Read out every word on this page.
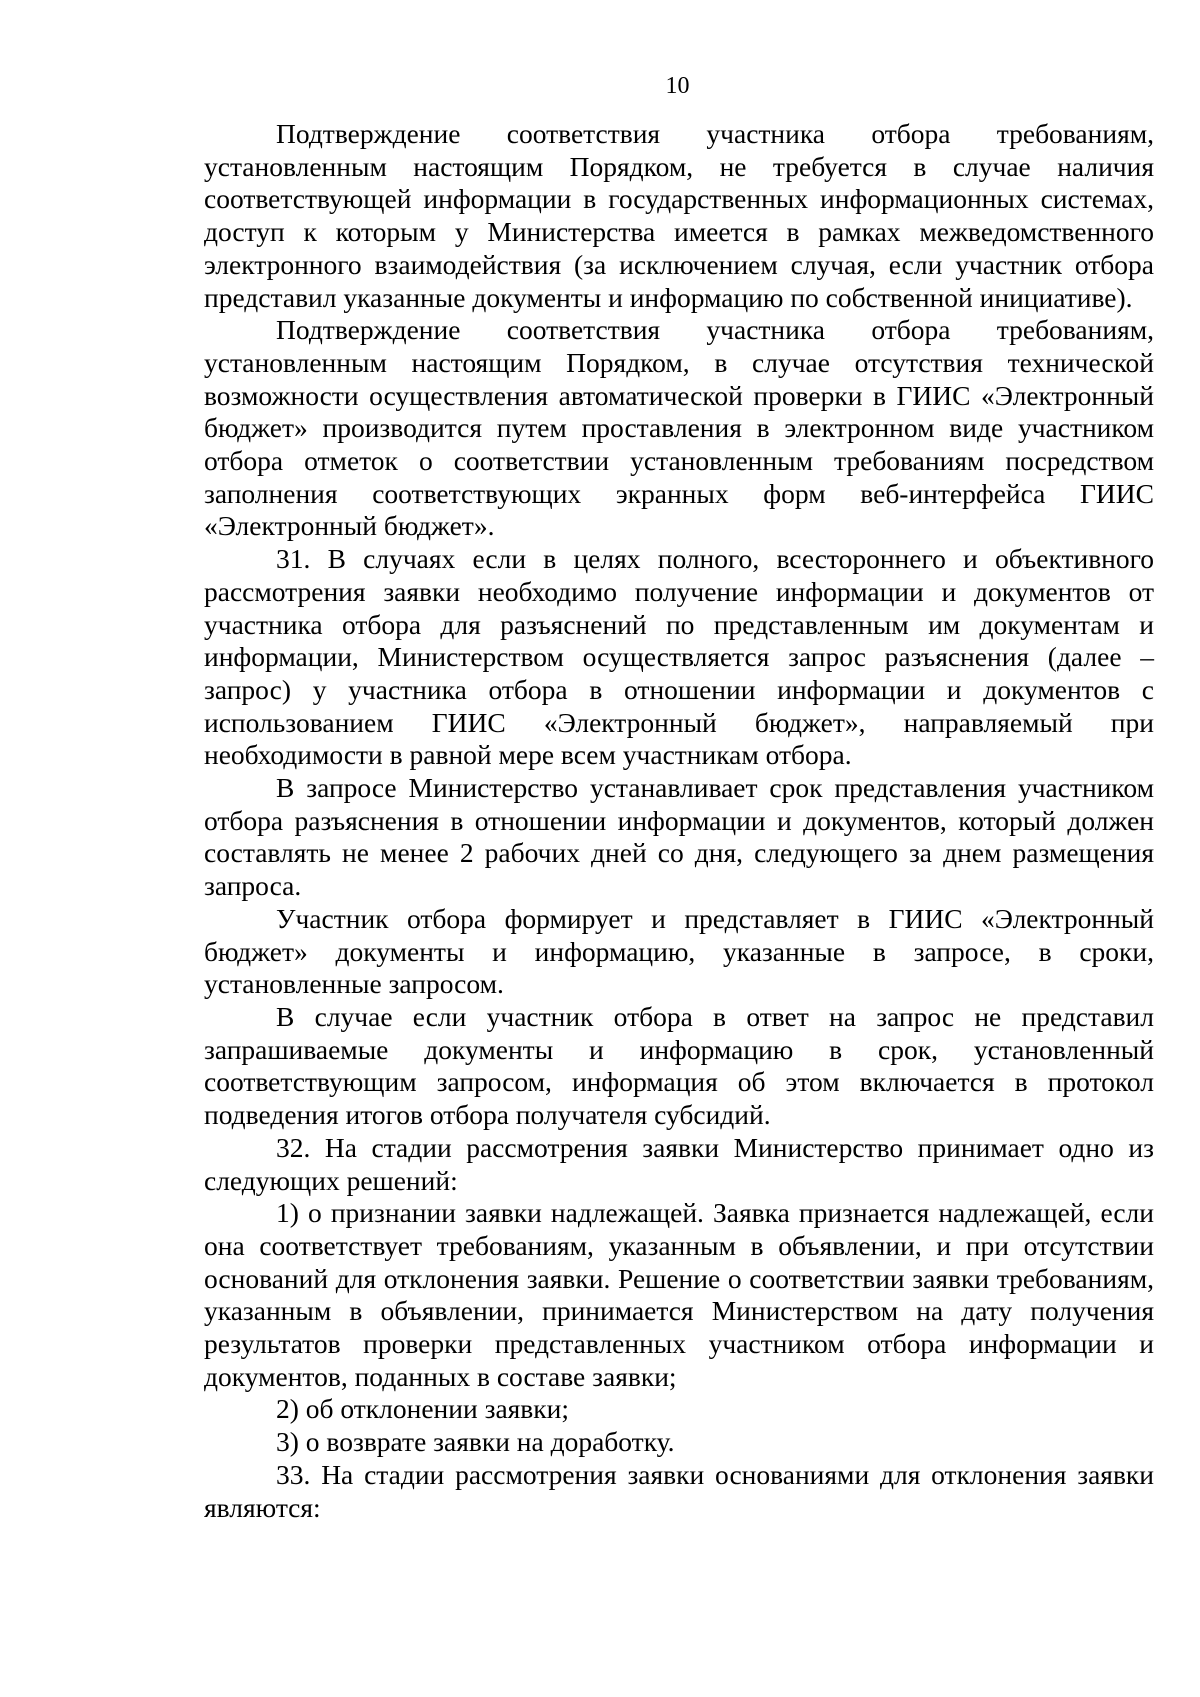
10

Подтверждение соответствия участника отбора требованиям, установленным настоящим Порядком, не требуется в случае наличия соответствующей информации в государственных информационных системах, доступ к которым у Министерства имеется в рамках межведомственного электронного взаимодействия (за исключением случая, если участник отбора представил указанные документы и информацию по собственной инициативе).

Подтверждение соответствия участника отбора требованиям, установленным настоящим Порядком, в случае отсутствия технической возможности осуществления автоматической проверки в ГИИС «Электронный бюджет» производится путем проставления в электронном виде участником отбора отметок о соответствии установленным требованиям посредством заполнения соответствующих экранных форм веб-интерфейса ГИИС «Электронный бюджет».

31. В случаях если в целях полного, всестороннего и объективного рассмотрения заявки необходимо получение информации и документов от участника отбора для разъяснений по представленным им документам и информации, Министерством осуществляется запрос разъяснения (далее – запрос) у участника отбора в отношении информации и документов с использованием ГИИС «Электронный бюджет», направляемый при необходимости в равной мере всем участникам отбора.

В запросе Министерство устанавливает срок представления участником отбора разъяснения в отношении информации и документов, который должен составлять не менее 2 рабочих дней со дня, следующего за днем размещения запроса.

Участник отбора формирует и представляет в ГИИС «Электронный бюджет» документы и информацию, указанные в запросе, в сроки, установленные запросом.

В случае если участник отбора в ответ на запрос не представил запрашиваемые документы и информацию в срок, установленный соответствующим запросом, информация об этом включается в протокол подведения итогов отбора получателя субсидий.

32. На стадии рассмотрения заявки Министерство принимает одно из следующих решений:

1) о признании заявки надлежащей. Заявка признается надлежащей, если она соответствует требованиям, указанным в объявлении, и при отсутствии оснований для отклонения заявки. Решение о соответствии заявки требованиям, указанным в объявлении, принимается Министерством на дату получения результатов проверки представленных участником отбора информации и документов, поданных в составе заявки;

2) об отклонении заявки;

3) о возврате заявки на доработку.

33. На стадии рассмотрения заявки основаниями для отклонения заявки являются:
